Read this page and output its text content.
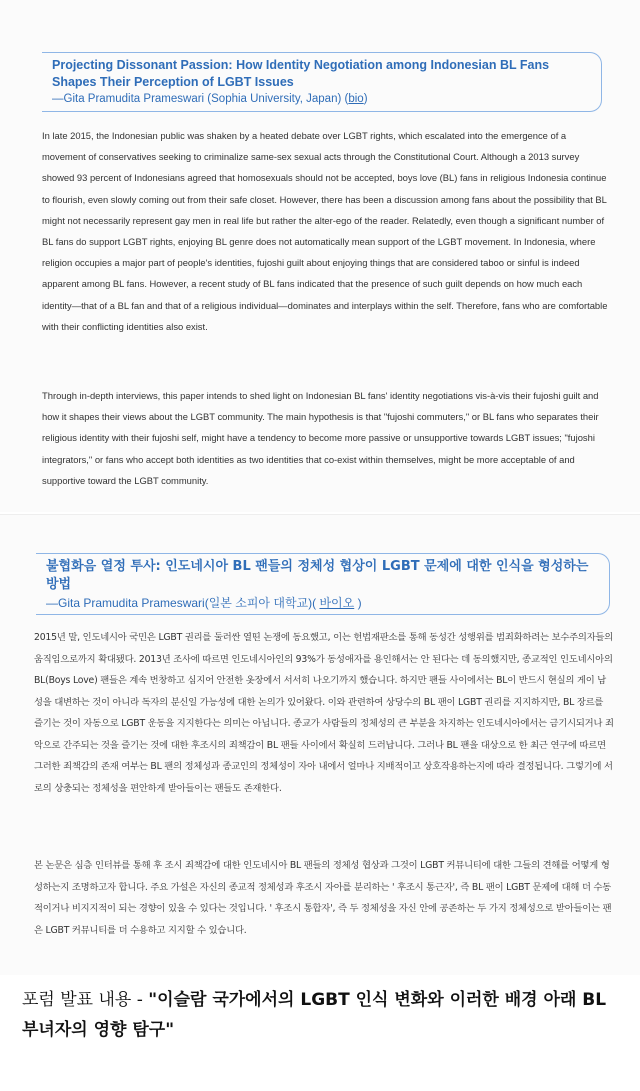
Projecting Dissonant Passion: How Identity Negotiation among Indonesian BL Fans Shapes Their Perception of LGBT Issues

—Gita Pramudita Prameswari (Sophia University, Japan) (bio)

In late 2015, the Indonesian public was shaken by a heated debate over LGBT rights, which escalated into the emergence of a movement of conservatives seeking to criminalize same-sex sexual acts through the Constitutional Court. Although a 2013 survey showed 93 percent of Indonesians agreed that homosexuals should not be accepted, boys love (BL) fans in religious Indonesia continue to flourish, even slowly coming out from their safe closet. However, there has been a discussion among fans about the possibility that BL might not necessarily represent gay men in real life but rather the alter-ego of the reader. Relatedly, even though a significant number of BL fans do support LGBT rights, enjoying BL genre does not automatically mean support of the LGBT movement. In Indonesia, where religion occupies a major part of people's identities, fujoshi guilt about enjoying things that are considered taboo or sinful is indeed apparent among BL fans. However, a recent study of BL fans indicated that the presence of such guilt depends on how much each identity—that of a BL fan and that of a religious individual—dominates and interplays within the self. Therefore, fans who are comfortable with their conflicting identities also exist.

Through in-depth interviews, this paper intends to shed light on Indonesian BL fans' identity negotiations vis-à-vis their fujoshi guilt and how it shapes their views about the LGBT community. The main hypothesis is that "fujoshi commuters," or BL fans who separates their religious identity with their fujoshi self, might have a tendency to become more passive or unsupportive towards LGBT issues; "fujoshi integrators," or fans who accept both identities as two identities that co-exist within themselves, might be more acceptable of and supportive toward the LGBT community.

불협화음 열정 투사: 인도네시아 BL 팬들의 정체성 협상이 LGBT 문제에 대한 인식을 형성하는 방법

—Gita Pramudita Prameswari(일본 소피아 대학교)( 바이오 )

2015년 말, 인도네시아 국민은 LGBT 권리를 둘러싼 열띤 논쟁에 동요했고, 이는 헌법재판소를 통해 동성간 성행위를 범죄화하려는 보수주의자들의 움직임으로까지 확대됐다. 2013년 조사에 따르면 인도네시아인의 93%가 동성애자를 용인해서는 안 된다는 데 동의했지만, 종교적인 인도네시아의 BL(Boys Love) 팬들은 계속 번창하고 심지어 안전한 옷장에서 서서히 나오기까지 했습니다. 하지만 팬들 사이에서는 BL이 반드시 현실의 게이 남성을 대변하는 것이 아니라 독자의 분신일 가능성에 대한 논의가 있어왔다. 이와 관련하여 상당수의 BL 팬이 LGBT 권리를 지지하지만, BL 장르를 즐기는 것이 자동으로 LGBT 운동을 지지한다는 의미는 아닙니다. 종교가 사람들의 정체성의 큰 부분을 차지하는 인도네시아에서는 금기시되거나 죄악으로 간주되는 것을 즐기는 것에 대한 후조시의 죄책감이 BL 팬들 사이에서 확실히 드러납니다. 그러나 BL 팬을 대상으로 한 최근 연구에 따르면 그러한 죄책감의 존재 여부는 BL 팬의 정체성과 종교인의 정체성이 자아 내에서 얼마나 지배적이고 상호작용하는지에 따라 결정됩니다. 그렇기에 서로의 상충되는 정체성을 편안하게 받아들이는 팬들도 존재한다.

본 논문은 심층 인터뷰를 통해 후 조시 죄책감에 대한 인도네시아 BL 팬들의 정체성 협상과 그것이 LGBT 커뮤니티에 대한 그들의 견해를 어떻게 형성하는지 조명하고자 합니다. 주요 가설은 자신의 종교적 정체성과 후조시 자아를 분리하는 ' 후조시 통근자', 즉 BL 팬이 LGBT 문제에 대해 더 수동적이거나 비지지적이 되는 경향이 있을 수 있다는 것입니다. ' 후조시 통합자', 즉 두 정체성을 자신 안에 공존하는 두 가지 정체성으로 받아들이는 팬은 LGBT 커뮤니티를 더 수용하고 지지할 수 있습니다.

포럼 발표 내용 - "이슬람 국가에서의 LGBT 인식 변화와 이러한 배경 아래 BL 부녀자의 영향 탐구"
